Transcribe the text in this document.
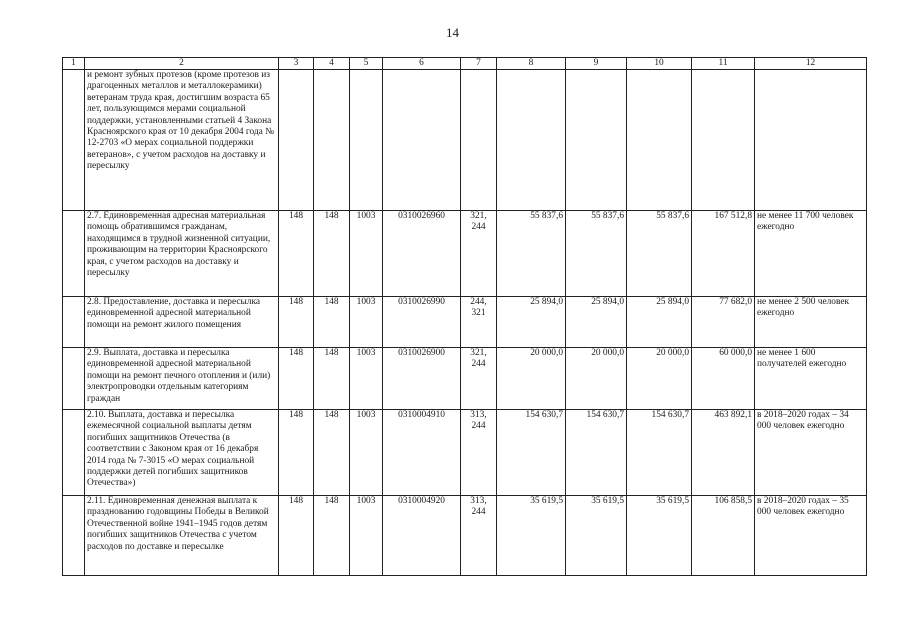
14
1	2	3	4	5	6	7	8	9	10	11	12
	и ремонт зубных протезов (кроме протезов из драгоценных металлов и металлокерамики) ветеранам труда края, достигшим возраста 65 лет, пользующимся мерами социальной поддержки, установленными статьей 4 Закона Красноярского края от 10 декабря 2004 года № 12-2703 «О мерах социальной поддержки ветеранов», с учетом расходов на доставку и пересылку										
	2.7. Единовременная адресная материальная помощь обратившимся гражданам, находящимся в трудной жизненной ситуации, проживающим на территории Красноярского края, с учетом расходов на доставку и пересылку	148	148	1003	0310026960	321, 244	55 837,6	55 837,6	55 837,6	167 512,8	не менее 11 700 человек ежегодно
	2.8. Предоставление, доставка и пересылка единовременной адресной материальной помощи на ремонт жилого помещения	148	148	1003	0310026990	244, 321	25 894,0	25 894,0	25 894,0	77 682,0	не менее 2 500 человек ежегодно
	2.9. Выплата, доставка и пересылка единовременной адресной материальной помощи на ремонт печного отопления и (или) электропроводки отдельным категориям граждан	148	148	1003	0310026900	321, 244	20 000,0	20 000,0	20 000,0	60 000,0	не менее 1 600 получателей ежегодно
	2.10. Выплата, доставка и пересылка ежемесячной социальной выплаты детям погибших защитников Отечества (в соответствии с Законом края от 16 декабря 2014 года № 7-3015 «О мерах социальной поддержки детей погибших защитников Отечества»)	148	148	1003	0310004910	313, 244	154 630,7	154 630,7	154 630,7	463 892,1	в 2018–2020 годах – 34 000 человек ежегодно
	2.11. Единовременная денежная выплата к празднованию годовщины Победы в Великой Отечественной войне 1941–1945 годов детям погибших защитников Отечества с учетом расходов по доставке и пересылке	148	148	1003	0310004920	313, 244	35 619,5	35 619,5	35 619,5	106 858,5	в 2018–2020 годах – 35 000 человек ежегодно
